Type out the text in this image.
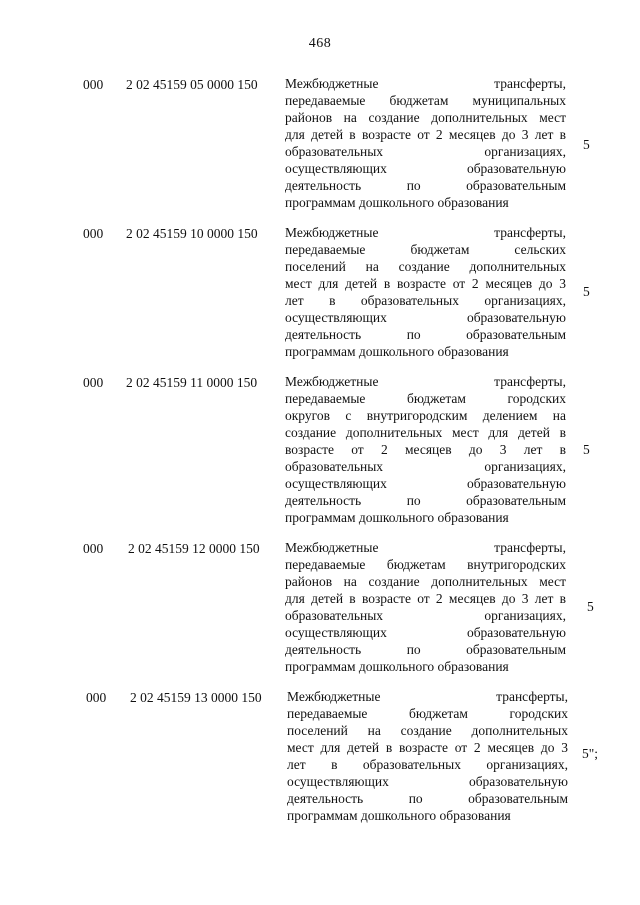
468
000 2 02 45159 05 0000 150 Межбюджетные трансферты,
передаваемые бюджетам муниципальных
районов на создание дополнительных мест
для детей в возрасте от 2 месяцев до 3 лет в
образовательных организациях,
осуществляющих образовательную
деятельность по образовательным
программам дошкольного образования
5
000 2 02 45159 10 0000 150 Межбюджетные трансферты,
передаваемые бюджетам сельских
поселений на создание дополнительных
мест для детей в возрасте от 2 месяцев до 3
лет в образовательных организациях,
осуществляющих образовательную
деятельность по образовательным
программам дошкольного образования
5
000 2 02 45159 11 0000 150 Межбюджетные трансферты,
передаваемые бюджетам городских
округов с внутригородским делением на
создание дополнительных мест для детей в
возрасте от 2 месяцев до 3 лет в
образовательных организациях,
осуществляющих образовательную
деятельность по образовательным
программам дошкольного образования
5
000 2 02 45159 12 0000 150 Межбюджетные трансферты,
передаваемые бюджетам внутригородских
районов на создание дополнительных мест
для детей в возрасте от 2 месяцев до 3 лет в
образовательных организациях,
осуществляющих образовательную
деятельность по образовательным
программам дошкольного образования
5
000 2 02 45159 13 0000 150 Межбюджетные трансферты,
передаваемые бюджетам городских
поселений на создание дополнительных
мест для детей в возрасте от 2 месяцев до 3
лет в образовательных организациях,
осуществляющих образовательную
деятельность по образовательным
программам дошкольного образования
5";
